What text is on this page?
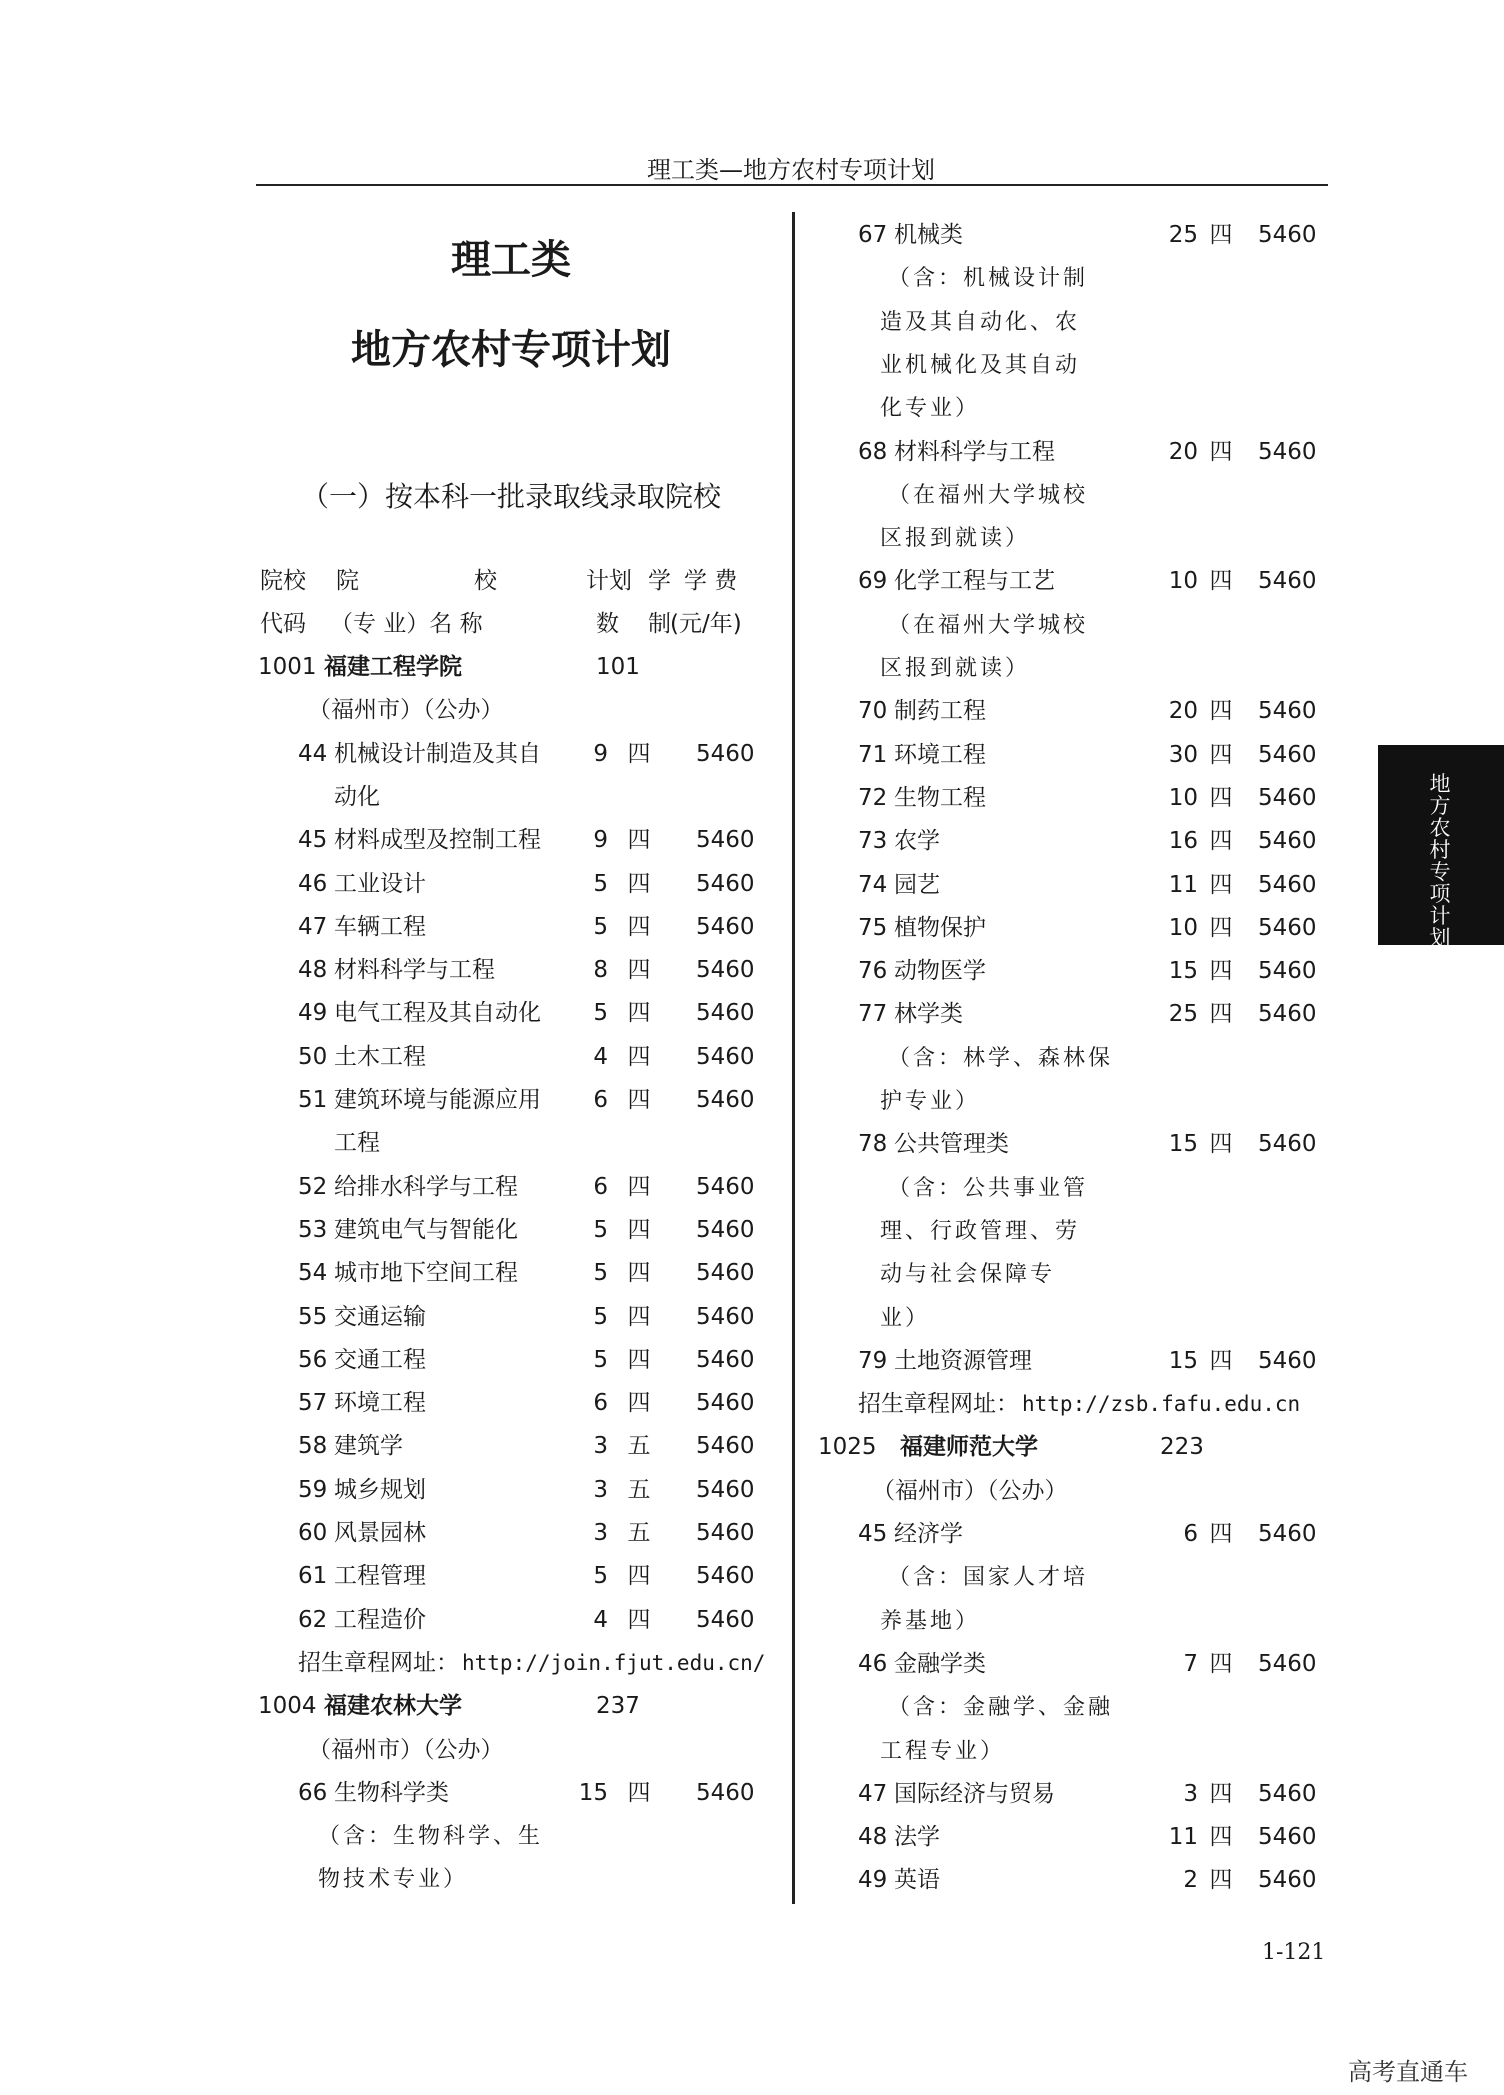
理工类—地方农村专项计划
理工类
地方农村专项计划
（一）按本科一批录取线录取院校
院校 院	校	计划 学 学 费
代码 （专 业）名 称	数 制 (元/年)
1001 福建工程学院	101
（福州市）（公办）
44 机械设计制造及其自	9 四 5460
动化
45 材料成型及控制工程	9 四 5460
46 工业设计	5 四 5460
47 车辆工程	5 四 5460
48 材料科学与工程	8 四 5460
49 电气工程及其自动化	5 四 5460
50 土木工程	4 四 5460
51 建筑环境与能源应用	6 四 5460
工程
52 给排水科学与工程	6 四 5460
53 建筑电气与智能化	5 四 5460
54 城市地下空间工程	5 四 5460
55 交通运输	5 四 5460
56 交通工程	5 四 5460
57 环境工程	6 四 5460
58 建筑学	3 五 5460
59 城乡规划	3 五 5460
60 风景园林	3 五 5460
61 工程管理	5 四 5460
62 工程造价	4 四 5460
招生章程网址： http://join.fjut.edu.cn/
1004 福建农林大学	237
（福州市）（公办）
66 生物科学类	15 四 5460
（含：生物科学、生
物技术专业）
67 机械类	25 四 5460
（含：机械设计制
造及其自动化、农
业机械化及其自动
化专业）
68 材料科学与工程	20 四 5460
（在福州大学城校
区报到就读）
69 化学工程与工艺	10 四 5460
（在福州大学城校
区报到就读）
70 制药工程	20 四 5460
71 环境工程	30 四 5460
72 生物工程	10 四 5460
73 农学	16 四 5460
74 园艺	11 四 5460
75 植物保护	10 四 5460
76 动物医学	15 四 5460
77 林学类	25 四 5460
（含：林学、森林保
护专业）
78 公共管理类	15 四 5460
（含：公共事业管
理、行政管理、劳
动与社会保障专
业）
79 土地资源管理	15 四 5460
招生章程网址： http://zsb.fafu.edu.cn
1025 福建师范大学	223
（福州市）（公办）
45 经济学	6 四 5460
（含：国家人才培
养基地）
46 金融学类	7 四 5460
（含：金融学、金融
工程专业）
47 国际经济与贸易	3 四 5460
48 法学	11 四 5460
49 英语	2 四 5460
地方农村专项计划
1-121
高考直通车
